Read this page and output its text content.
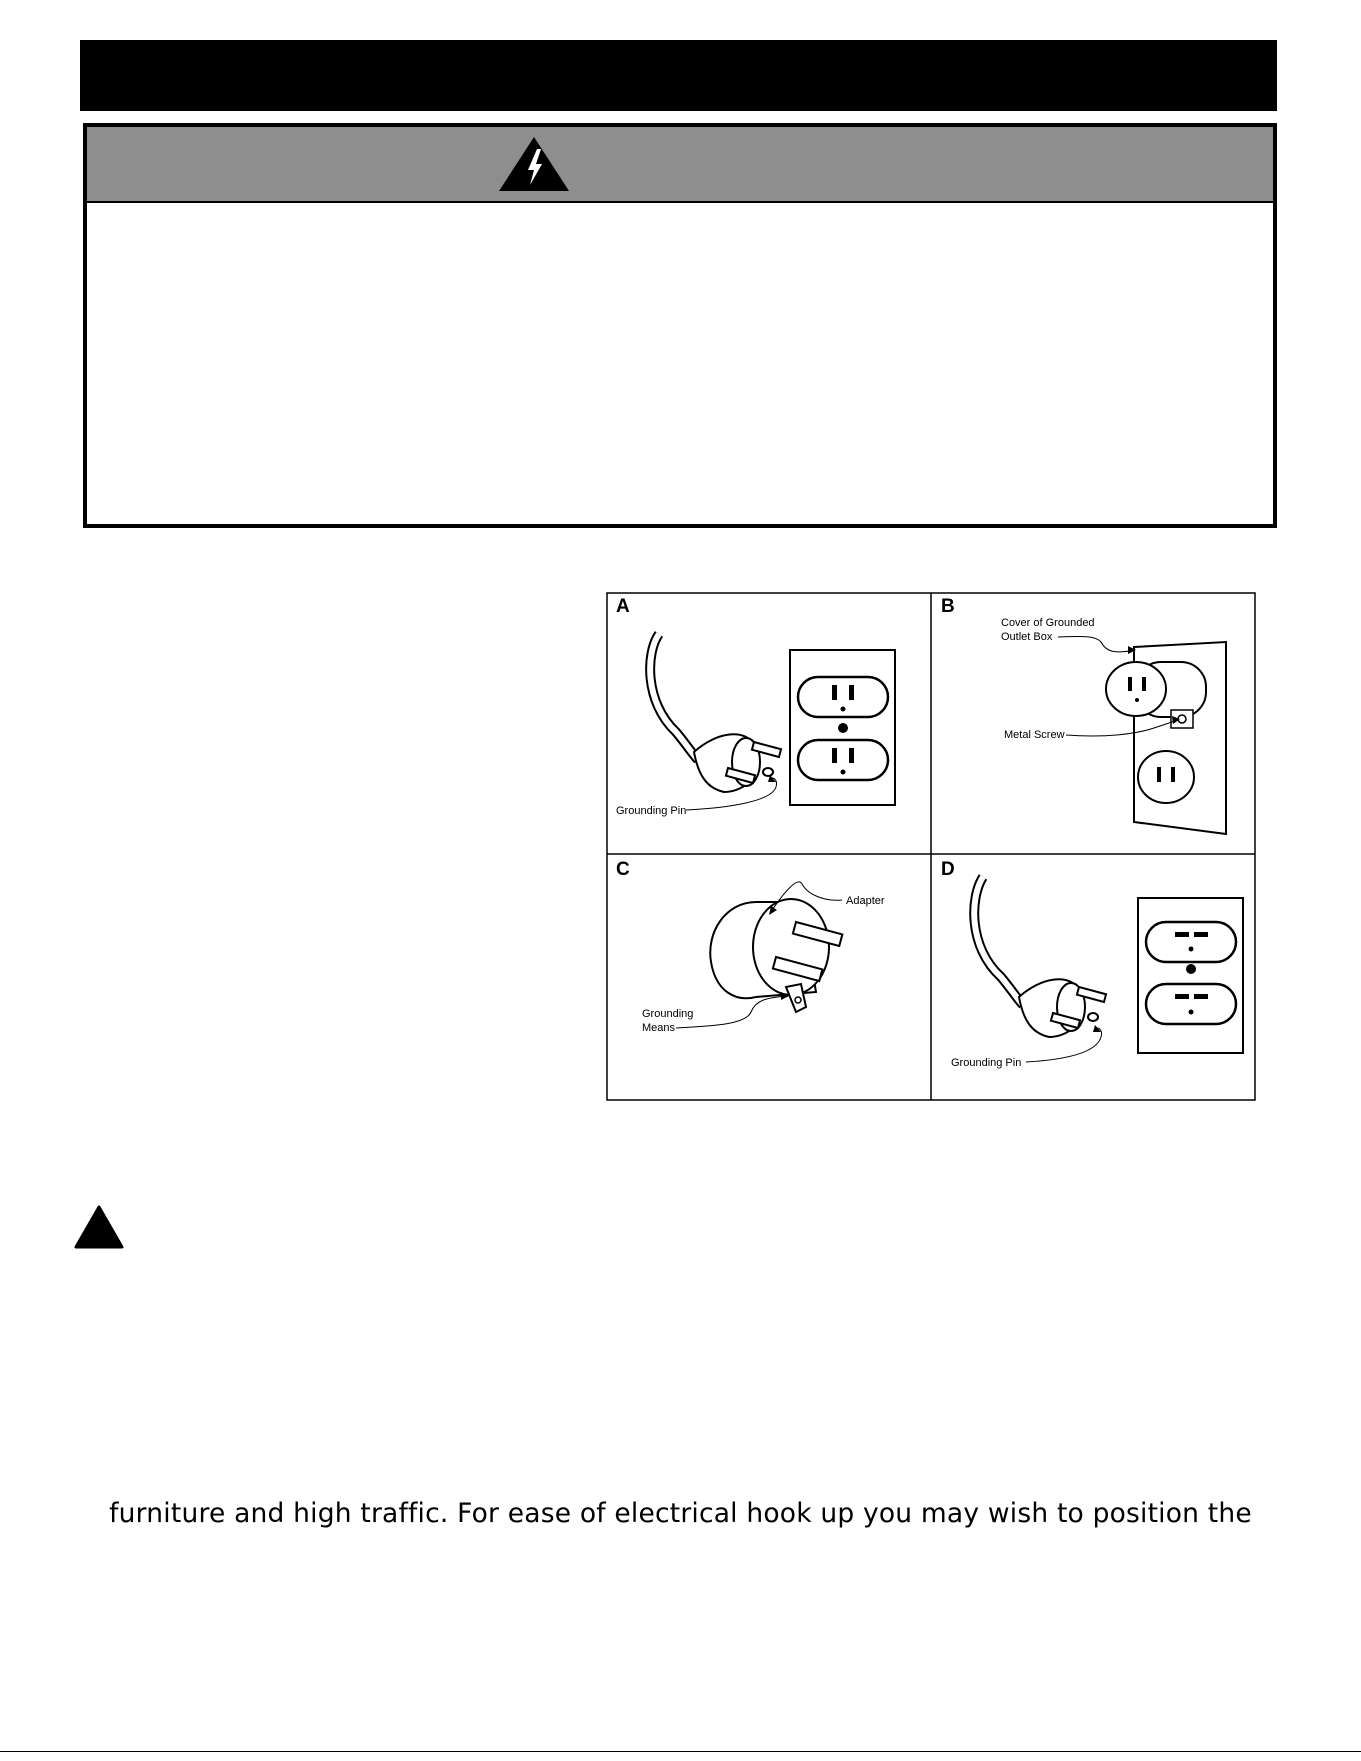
A
Grounding Pin
B
Cover of Grounded
Outlet Box
Metal Screw
C
Adapter
Grounding
Means
D
Grounding Pin
furniture and high traffic. For ease of electrical hook up you may wish to position the
